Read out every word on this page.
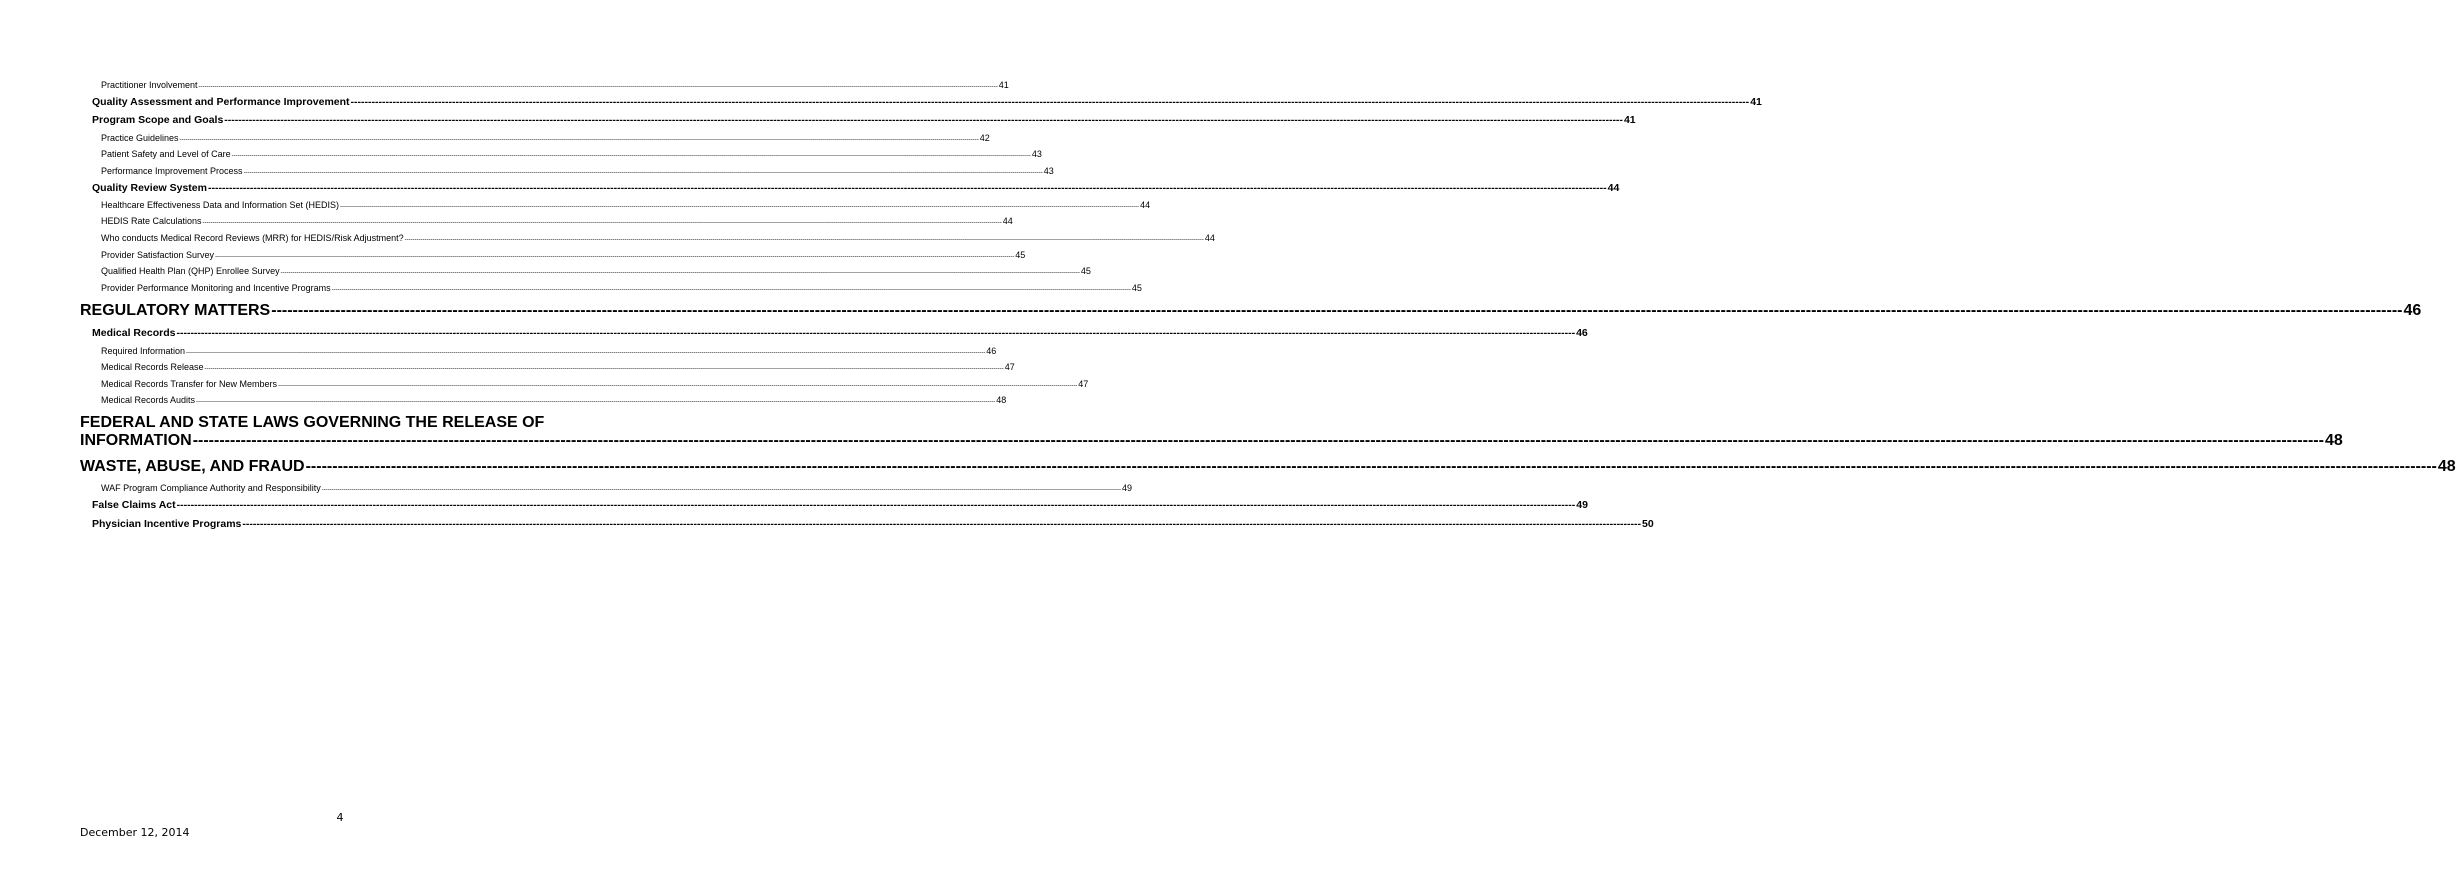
Practitioner Involvement ---------------------------------------------------------------------------------------------------------------------------------------------------------------------------------------------------------------------------------------------------------------------------------------------------------------------------------------------------------------------------------------------------------------- 41
Quality Assessment and Performance Improvement ---------------------------------------------------------------------------------------------------------------------------------------------------------------------------------------------------------------------------------------------------------------------------------------------------------------------------------------------------------------------------------------------------------------- 41
Program Scope and Goals ---------------------------------------------------------------------------------------------------------------------------------------------------------------------------------------------------------------------------------------------------------------------------------------------------------------------------------------------------------------------------------------------------------------- 41
Practice Guidelines ---------------------------------------------------------------------------------------------------------------------------------------------------------------------------------------------------------------------------------------------------------------------------------------------------------------------------------------------------------------------------------------------------------------- 42
Patient Safety and Level of Care ---------------------------------------------------------------------------------------------------------------------------------------------------------------------------------------------------------------------------------------------------------------------------------------------------------------------------------------------------------------------------------------------------------------- 43
Performance Improvement Process ---------------------------------------------------------------------------------------------------------------------------------------------------------------------------------------------------------------------------------------------------------------------------------------------------------------------------------------------------------------------------------------------------------------- 43
Quality Review System ---------------------------------------------------------------------------------------------------------------------------------------------------------------------------------------------------------------------------------------------------------------------------------------------------------------------------------------------------------------------------------------------------------------- 44
Healthcare Effectiveness Data and Information Set (HEDIS) ---------------------------------------------------------------------------------------------------------------------------------------------------------------------------------------------------------------------------------------------------------------------------------------------------------------------------------------------------------------------------------------------------------------- 44
HEDIS Rate Calculations ---------------------------------------------------------------------------------------------------------------------------------------------------------------------------------------------------------------------------------------------------------------------------------------------------------------------------------------------------------------------------------------------------------------- 44
Who conducts Medical Record Reviews (MRR) for HEDIS/Risk Adjustment? ---------------------------------------------------------------------------------------------------------------------------------------------------------------------------------------------------------------------------------------------------------------------------------------------------------------------------------------------------------------------------------------------------------------- 44
Provider Satisfaction Survey ---------------------------------------------------------------------------------------------------------------------------------------------------------------------------------------------------------------------------------------------------------------------------------------------------------------------------------------------------------------------------------------------------------------- 45
Qualified Health Plan (QHP) Enrollee Survey ---------------------------------------------------------------------------------------------------------------------------------------------------------------------------------------------------------------------------------------------------------------------------------------------------------------------------------------------------------------------------------------------------------------- 45
Provider Performance Monitoring and Incentive Programs ---------------------------------------------------------------------------------------------------------------------------------------------------------------------------------------------------------------------------------------------------------------------------------------------------------------------------------------------------------------------------------------------------------------- 45
REGULATORY MATTERS ---------------------------------------------------------------------------------------------------------------------------------------------------------------------------------------------------------------------------------------------------------------------------------------------------------------------------------------------------------------------------------------------------------------- 46
Medical Records ---------------------------------------------------------------------------------------------------------------------------------------------------------------------------------------------------------------------------------------------------------------------------------------------------------------------------------------------------------------------------------------------------------------- 46
Required Information ---------------------------------------------------------------------------------------------------------------------------------------------------------------------------------------------------------------------------------------------------------------------------------------------------------------------------------------------------------------------------------------------------------------- 46
Medical Records Release ---------------------------------------------------------------------------------------------------------------------------------------------------------------------------------------------------------------------------------------------------------------------------------------------------------------------------------------------------------------------------------------------------------------- 47
Medical Records Transfer for New Members ---------------------------------------------------------------------------------------------------------------------------------------------------------------------------------------------------------------------------------------------------------------------------------------------------------------------------------------------------------------------------------------------------------------- 47
Medical Records Audits ---------------------------------------------------------------------------------------------------------------------------------------------------------------------------------------------------------------------------------------------------------------------------------------------------------------------------------------------------------------------------------------------------------------- 48
FEDERAL AND STATE LAWS GOVERNING THE RELEASE OF
INFORMATION ---------------------------------------------------------------------------------------------------------------------------------------------------------------------------------------------------------------------------------------------------------------------------------------------------------------------------------------------------------------------------------------------------------------- 48
WASTE, ABUSE, AND FRAUD ---------------------------------------------------------------------------------------------------------------------------------------------------------------------------------------------------------------------------------------------------------------------------------------------------------------------------------------------------------------------------------------------------------------- 48
WAF Program Compliance Authority and Responsibility ---------------------------------------------------------------------------------------------------------------------------------------------------------------------------------------------------------------------------------------------------------------------------------------------------------------------------------------------------------------------------------------------------------------- 49
False Claims Act ---------------------------------------------------------------------------------------------------------------------------------------------------------------------------------------------------------------------------------------------------------------------------------------------------------------------------------------------------------------------------------------------------------------- 49
Physician Incentive Programs ---------------------------------------------------------------------------------------------------------------------------------------------------------------------------------------------------------------------------------------------------------------------------------------------------------------------------------------------------------------------------------------------------------------- 50
4
December 12, 2014
